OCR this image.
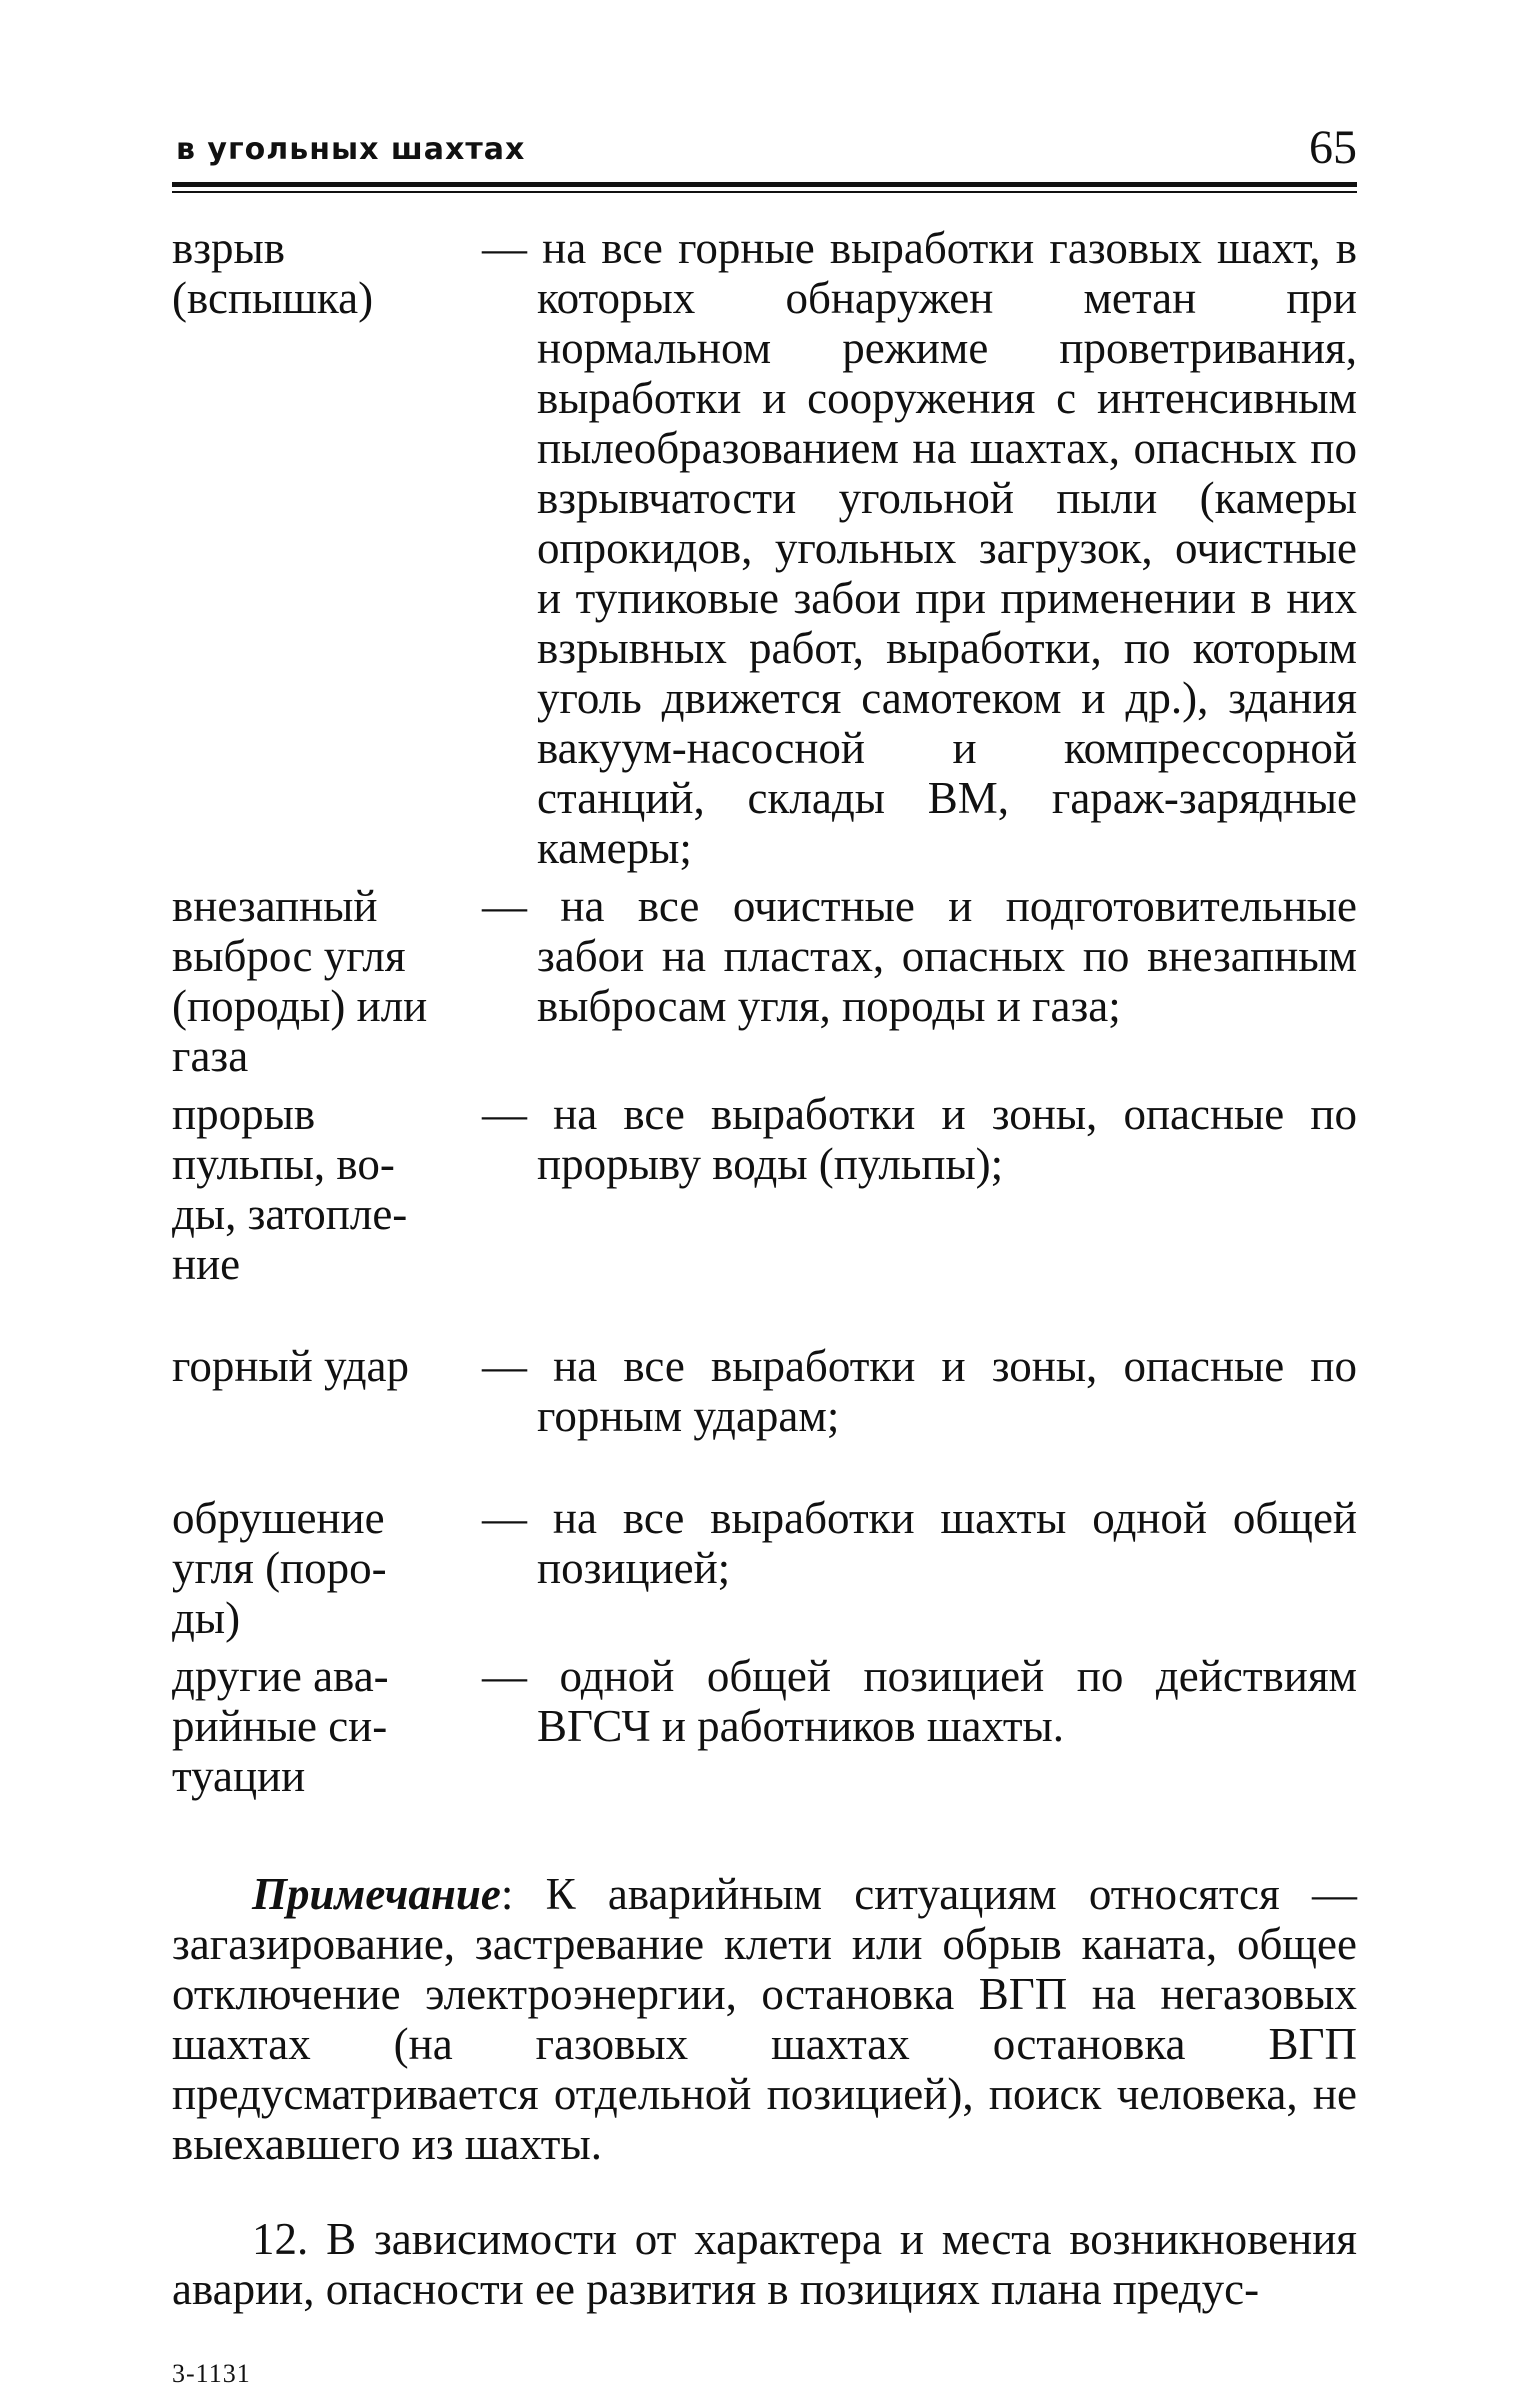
в угольных шахтах	65
взрыв
(вспышка)
— на все горные выработки газовых шахт, в которых обнаружен метан при нормальном режиме проветривания, выработки и сооружения с интенсивным пылеобразованием на шахтах, опасных по взрывчатости угольной пыли (камеры опрокидов, угольных загрузок, очистные и тупиковые забои при применении в них взрывных работ, выработки, по которым уголь движется самотеком и др.), здания вакуум-насосной и компрессорной станций, склады ВМ, гараж-зарядные камеры;
внезапный
выброс угля
(породы) или
газа
— на все очистные и подготовительные забои на пластах, опасных по внезапным выбросам угля, породы и газа;
прорыв
пульпы, во-
ды, затопле-
ние
— на все выработки и зоны, опасные по прорыву воды (пульпы);
горный удар	— на все выработки и зоны, опасные по горным ударам;
обрушение
угля (поро-
ды)
— на все выработки шахты одной общей позицией;
другие ава-
рийные си-
туации
— одной общей позицией по действиям ВГСЧ и работников шахты.

Примечание: К аварийным ситуациям относятся — загазирование, застревание клети или обрыв каната, общее отключение электроэнергии, остановка ВГП на негазовых шахтах (на газовых шахтах остановка ВГП предусматривается отдельной позицией), поиск человека, не выехавшего из шахты.

12. В зависимости от характера и места возникновения аварии, опасности ее развития в позициях плана предус-

3-1131
